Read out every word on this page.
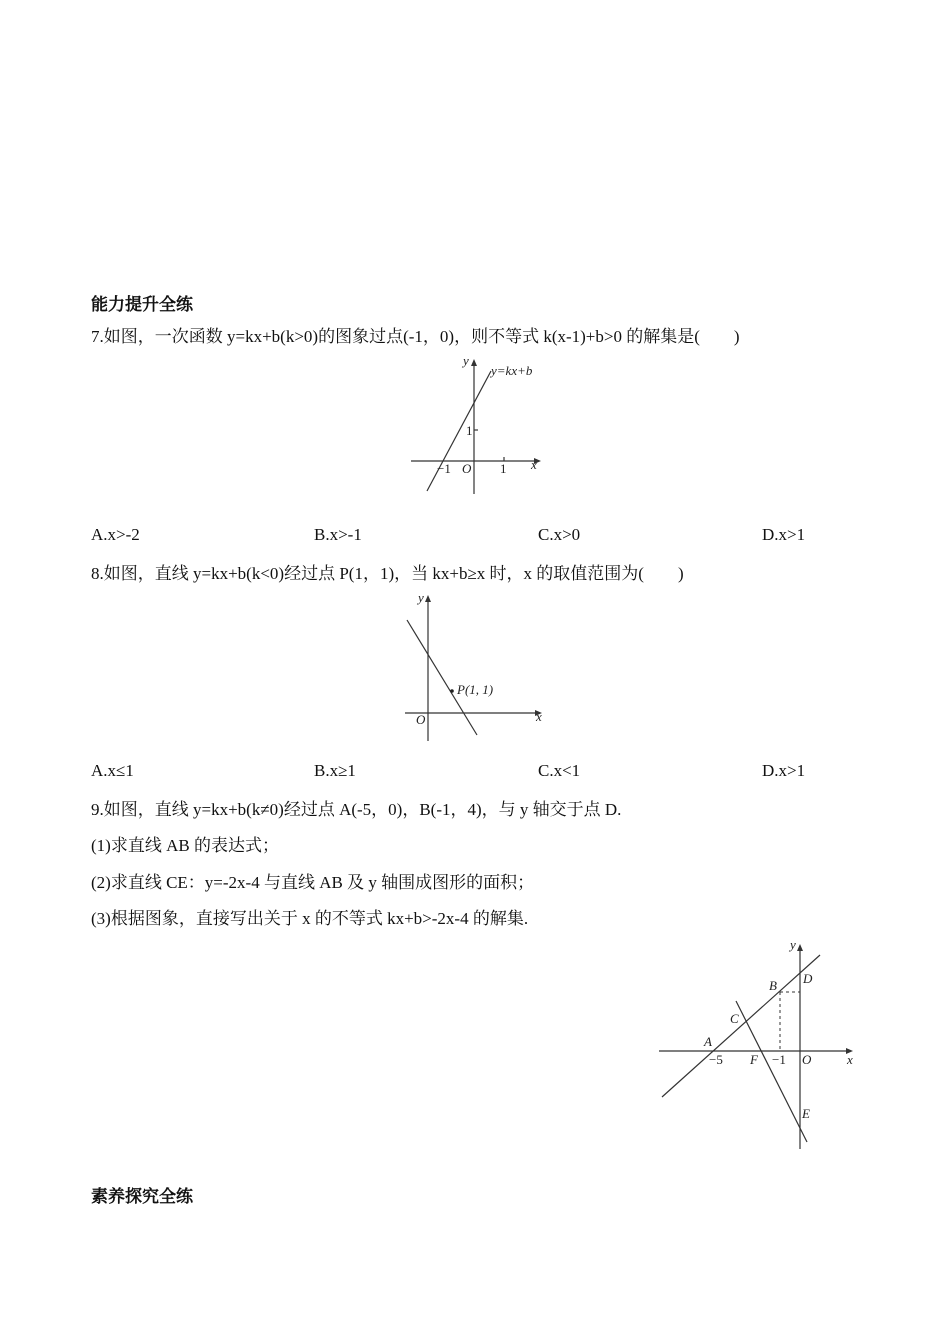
能力提升全练
7.如图，一次函数 y=kx+b(k>0)的图象过点(-1，0)，则不等式 k(x-1)+b>0 的解集是(　　)
y
x
y=kx+b
O
−1	1
1
A.x>-2	B.x>-1	C.x>0	D.x>1
8.如图，直线 y=kx+b(k<0)经过点 P(1，1)，当 kx+b≥x 时，x 的取值范围为(　　)
y
x
O
P(1, 1)
A.x≤1	B.x≥1	C.x<1	D.x>1
9.如图，直线 y=kx+b(k≠0)经过点 A(-5，0)，B(-1，4)，与 y 轴交于点 D.
(1)求直线 AB 的表达式；
(2)求直线 CE：y=-2x-4 与直线 AB 及 y 轴围成图形的面积；
(3)根据图象，直接写出关于 x 的不等式 kx+b>-2x-4 的解集.
y
x
O
A
B
C
D
E
F
−5	−1
素养探究全练
